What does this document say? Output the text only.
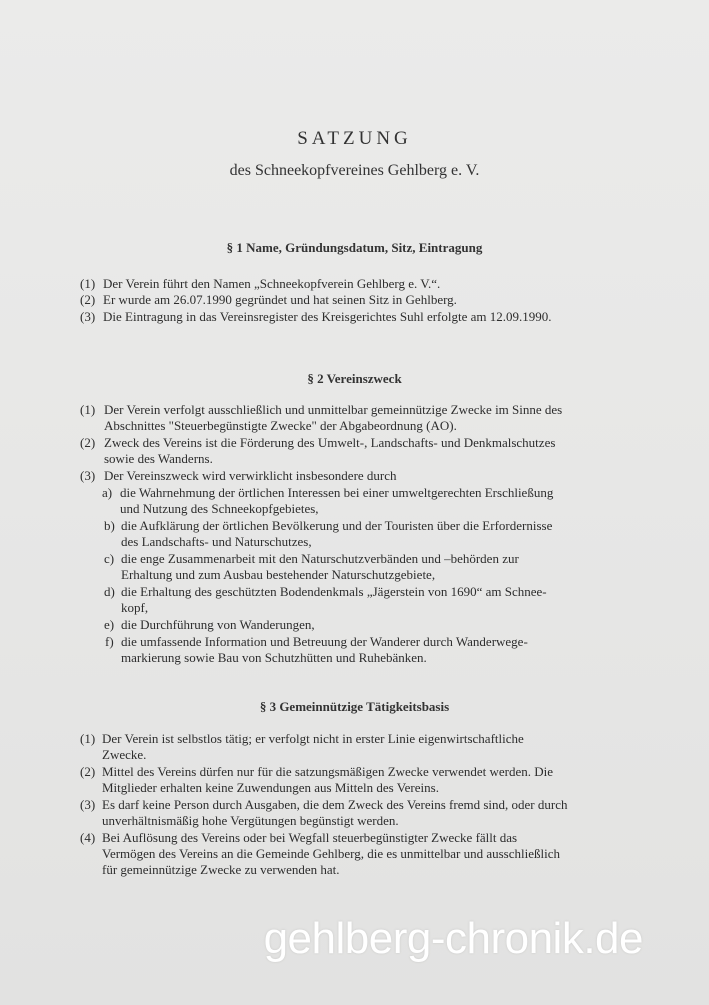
SATZUNG
des Schneekopfvereines Gehlberg e. V.
§ 1 Name, Gründungsdatum, Sitz, Eintragung
(1) Der Verein führt den Namen „Schneekopfverein Gehlberg e. V.“.
(2) Er wurde am 26.07.1990 gegründet und hat seinen Sitz in Gehlberg.
(3) Die Eintragung in das Vereinsregister des Kreisgerichtes Suhl erfolgte am 12.09.1990.
§ 2 Vereinszweck
(1) Der Verein verfolgt ausschließlich und unmittelbar gemeinnützige Zwecke im Sinne des
Abschnittes "Steuerbegünstigte Zwecke" der Abgabeordnung (AO).
(2) Zweck des Vereins ist die Förderung des Umwelt-, Landschafts- und Denkmalschutzes
sowie des Wanderns.
(3) Der Vereinszweck wird verwirklicht insbesondere durch
a) die Wahrnehmung der örtlichen Interessen bei einer umweltgerechten Erschließung
und Nutzung des Schneekopfgebietes,
b) die Aufklärung der örtlichen Bevölkerung und der Touristen über die Erfordernisse
des Landschafts- und Naturschutzes,
c) die enge Zusammenarbeit mit den Naturschutzverbänden und –behörden zur
Erhaltung und zum Ausbau bestehender Naturschutzgebiete,
d) die Erhaltung des geschützten Bodendenkmals „Jägerstein von 1690“ am Schnee-
kopf,
e) die Durchführung von Wanderungen,
f) die umfassende Information und Betreuung der Wanderer durch Wanderwege-
markierung sowie Bau von Schutzhütten und Ruhebänken.
§ 3 Gemeinnützige Tätigkeitsbasis
(1) Der Verein ist selbstlos tätig; er verfolgt nicht in erster Linie eigenwirtschaftliche
Zwecke.
(2) Mittel des Vereins dürfen nur für die satzungsmäßigen Zwecke verwendet werden. Die
Mitglieder erhalten keine Zuwendungen aus Mitteln des Vereins.
(3) Es darf keine Person durch Ausgaben, die dem Zweck des Vereins fremd sind, oder durch
unverhältnismäßig hohe Vergütungen begünstigt werden.
(4) Bei Auflösung des Vereins oder bei Wegfall steuerbegünstigter Zwecke fällt das
Vermögen des Vereins an die Gemeinde Gehlberg, die es unmittelbar und ausschließlich
für gemeinnützige Zwecke zu verwenden hat.
gehlberg-chronik.de
